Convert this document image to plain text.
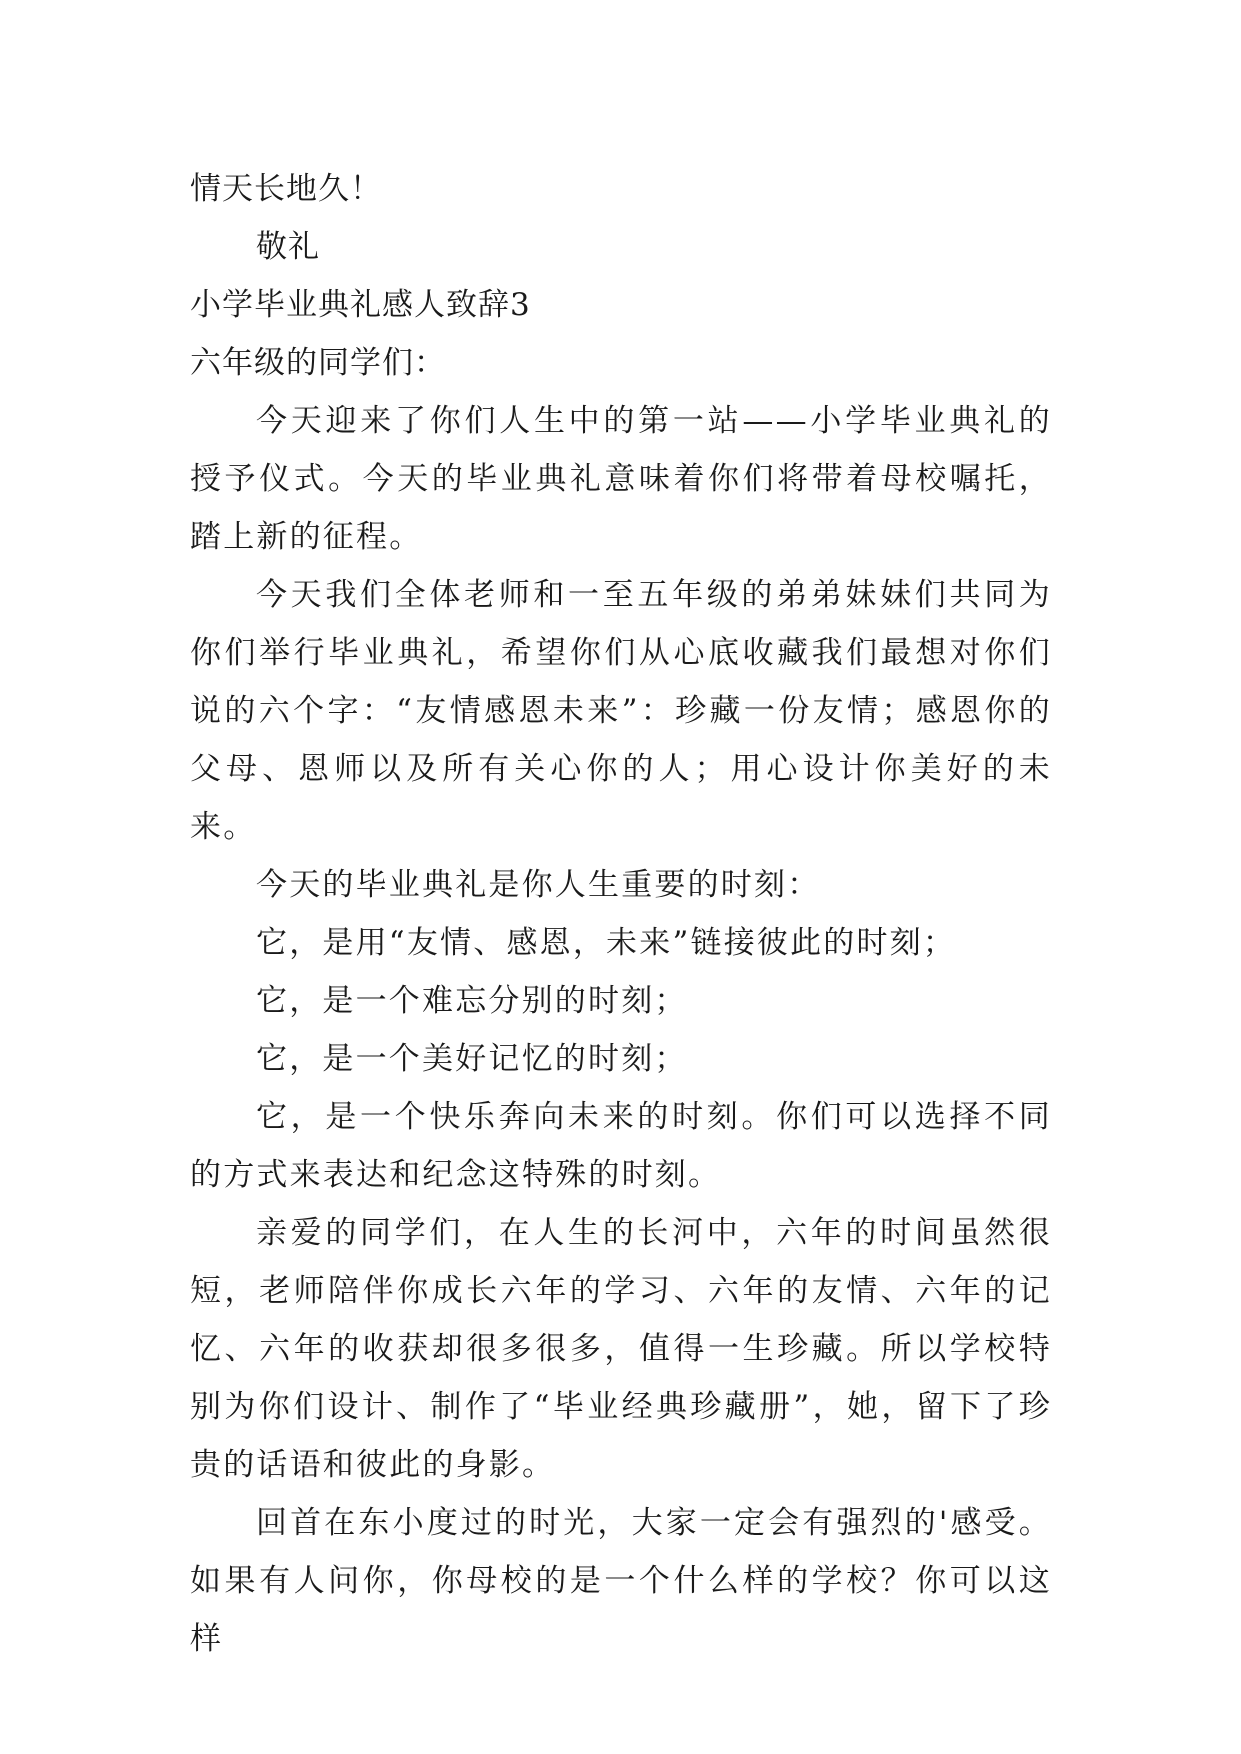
情天长地久！
敬礼
小学毕业典礼感人致辞3
六年级的同学们：
今天迎来了你们人生中的第一站——小学毕业典礼的授予仪式。今天的毕业典礼意味着你们将带着母校嘱托，踏上新的征程。
今天我们全体老师和一至五年级的弟弟妹妹们共同为你们举行毕业典礼，希望你们从心底收藏我们最想对你们说的六个字：“友情感恩未来”：珍藏一份友情；感恩你的父母、恩师以及所有关心你的人；用心设计你美好的未来。
今天的毕业典礼是你人生重要的时刻：
它，是用“友情、感恩，未来”链接彼此的时刻；
它，是一个难忘分别的时刻；
它，是一个美好记忆的时刻；
它，是一个快乐奔向未来的时刻。你们可以选择不同的方式来表达和纪念这特殊的时刻。
亲爱的同学们，在人生的长河中，六年的时间虽然很短，老师陪伴你成长六年的学习、六年的友情、六年的记忆、六年的收获却很多很多，值得一生珍藏。所以学校特别为你们设计、制作了“毕业经典珍藏册”，她，留下了珍贵的话语和彼此的身影。
回首在东小度过的时光，大家一定会有强烈的'感受。如果有人问你，你母校的是一个什么样的学校？你可以这样
